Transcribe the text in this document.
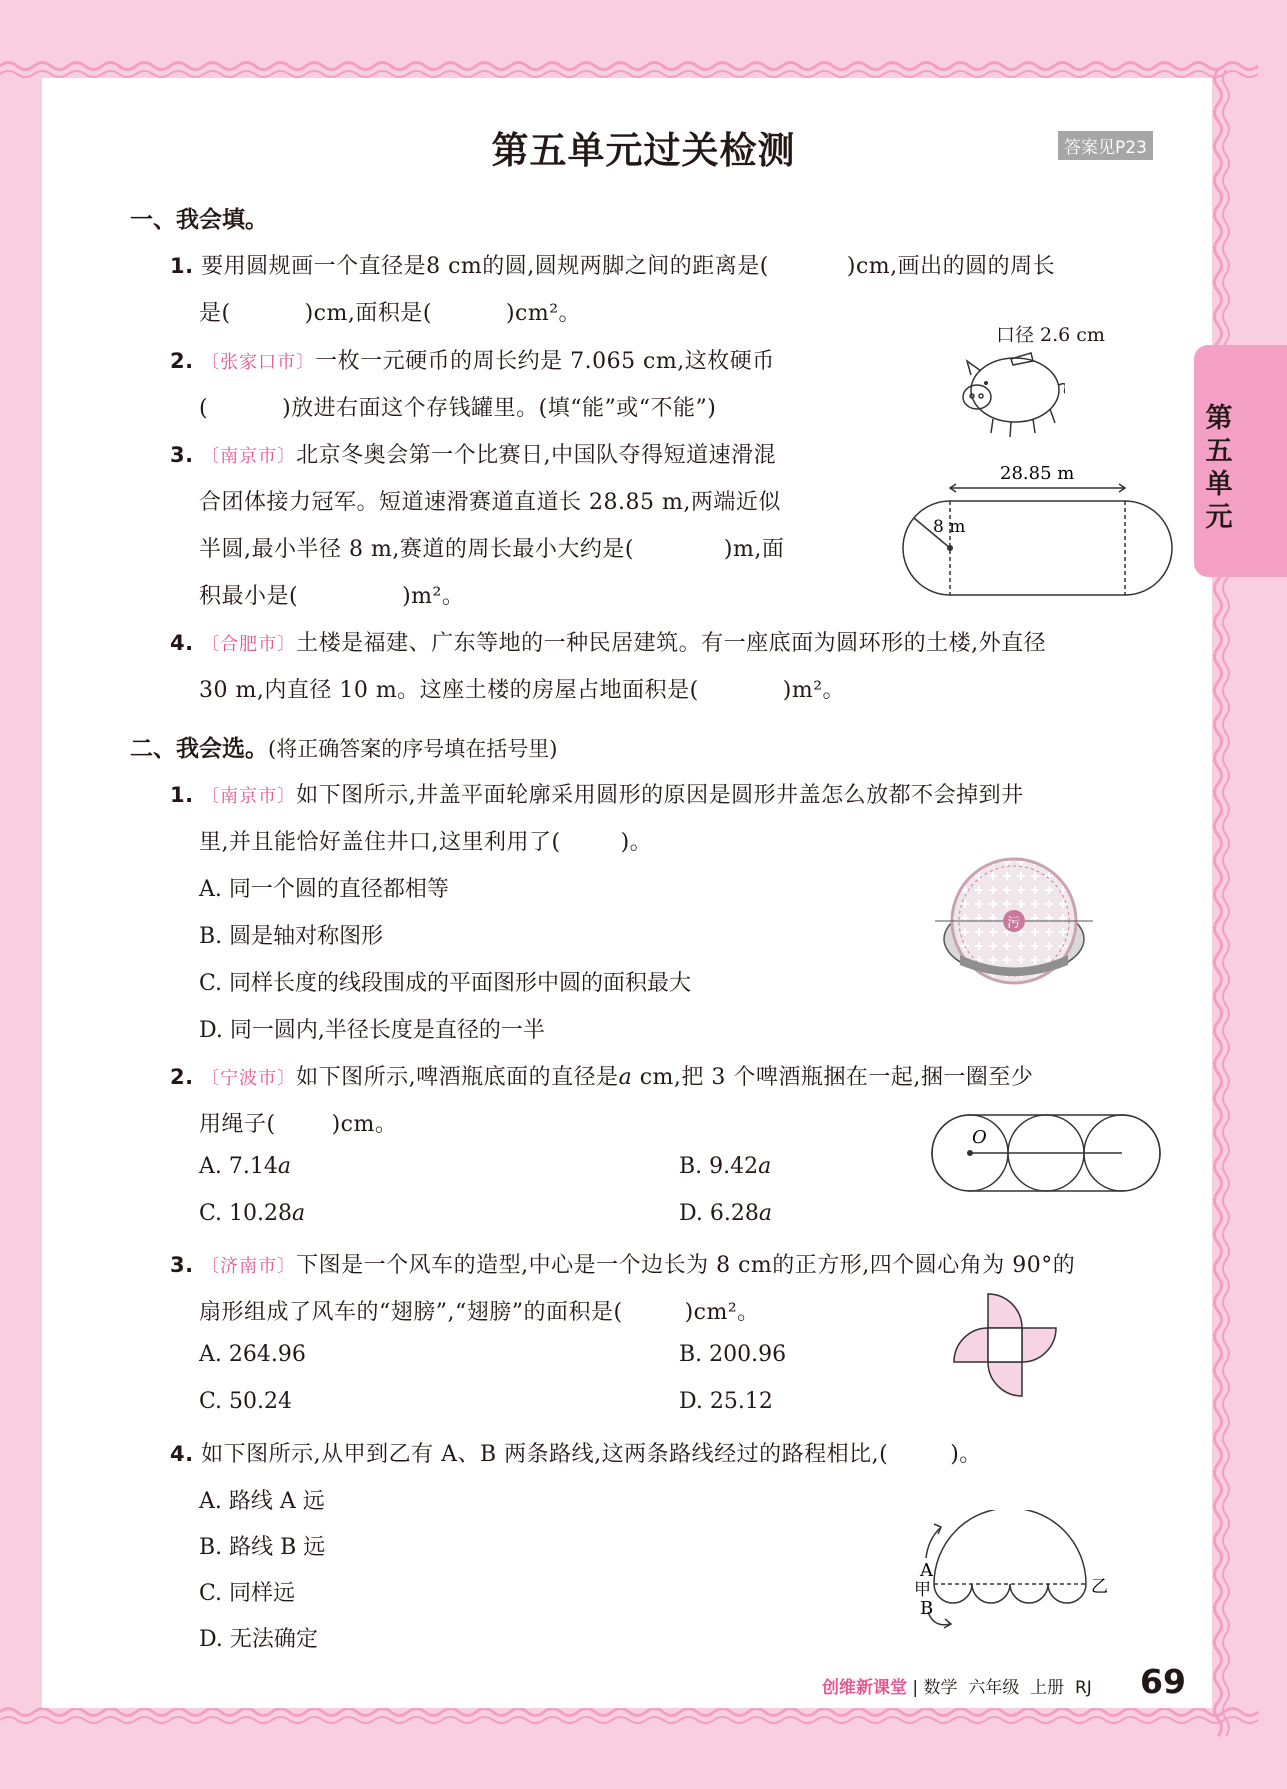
第五单元
第五单元过关检测	答案见P23
一、我会填。
1. 要用圆规画一个直径是8 cm的圆,圆规两脚之间的距离是(	)cm,画出的圆的周长
是(	)cm,面积是(	)cm²。
2. 〔张家口市〕一枚一元硬币的周长约是 7.065 cm,这枚硬币
(	)放进右面这个存钱罐里。(填“能”或“不能”)
口径 2.6 cm
3. 〔南京市〕北京冬奥会第一个比赛日,中国队夺得短道速滑混
合团体接力冠军。短道速滑赛道直道长 28.85 m,两端近似
半圆,最小半径 8 m,赛道的周长最小大约是(	)m,面
积最小是(	)m²。
28.85 m
8 m
4. 〔合肥市〕土楼是福建、广东等地的一种民居建筑。有一座底面为圆环形的土楼,外直径
30 m,内直径 10 m。这座土楼的房屋占地面积是(	)m²。
二、我会选。(将正确答案的序号填在括号里)
1. 〔南京市〕如下图所示,井盖平面轮廓采用圆形的原因是圆形井盖怎么放都不会掉到井
里,并且能恰好盖住井口,这里利用了(	)。
A. 同一个圆的直径都相等
B. 圆是轴对称图形
C. 同样长度的线段围成的平面图形中圆的面积最大
D. 同一圆内,半径长度是直径的一半
污
2. 〔宁波市〕如下图所示,啤酒瓶底面的直径是a cm,把 3 个啤酒瓶捆在一起,捆一圈至少
用绳子(	)cm。
A. 7.14a	B. 9.42a
C. 10.28a	D. 6.28a
O
3. 〔济南市〕下图是一个风车的造型,中心是一个边长为 8 cm的正方形,四个圆心角为 90°的
扇形组成了风车的“翅膀”,“翅膀”的面积是(	)cm²。
A. 264.96	B. 200.96
C. 50.24	D. 25.12
4. 如下图所示,从甲到乙有 A、B 两条路线,这两条路线经过的路程相比,(	)。
A. 路线 A 远
B. 路线 B 远
C. 同样远
D. 无法确定
A
甲
B
乙
创维新课堂 | 数学  六年级  上册  RJ 69
